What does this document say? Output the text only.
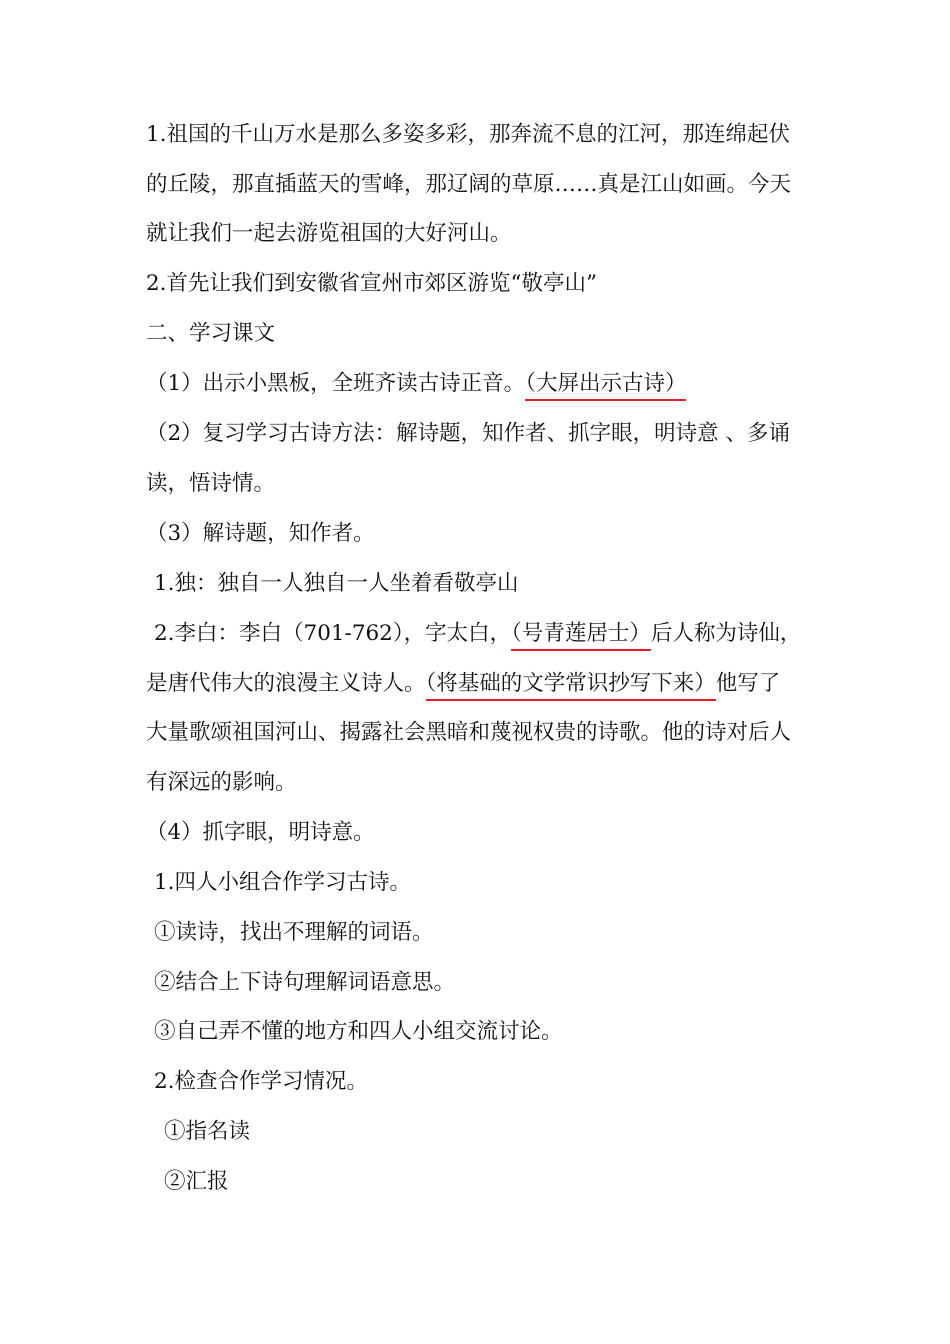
1.祖国的千山万水是那么多姿多彩，那奔流不息的江河，那连绵起伏
的丘陵，那直插蓝天的雪峰，那辽阔的草原……真是江山如画。今天
就让我们一起去游览祖国的大好河山。
2.首先让我们到安徽省宣州市郊区游览“敬亭山”
二、学习课文
（1）出示小黑板，全班齐读古诗正音。（大屏出示古诗）
（2）复习学习古诗方法：解诗题，知作者、抓字眼，明诗意 、多诵
读，悟诗情。
（3）解诗题，知作者。
1.独：独自一人独自一人坐着看敬亭山
2.李白：李白（701-762），字太白，（号青莲居士）后人称为诗仙，
是唐代伟大的浪漫主义诗人。（将基础的文学常识抄写下来）他写了
大量歌颂祖国河山、揭露社会黑暗和蔑视权贵的诗歌。他的诗对后人
有深远的影响。
（4）抓字眼，明诗意。
1.四人小组合作学习古诗。
①读诗，找出不理解的词语。
②结合上下诗句理解词语意思。
③自己弄不懂的地方和四人小组交流讨论。
2.检查合作学习情况。
①指名读
②汇报
